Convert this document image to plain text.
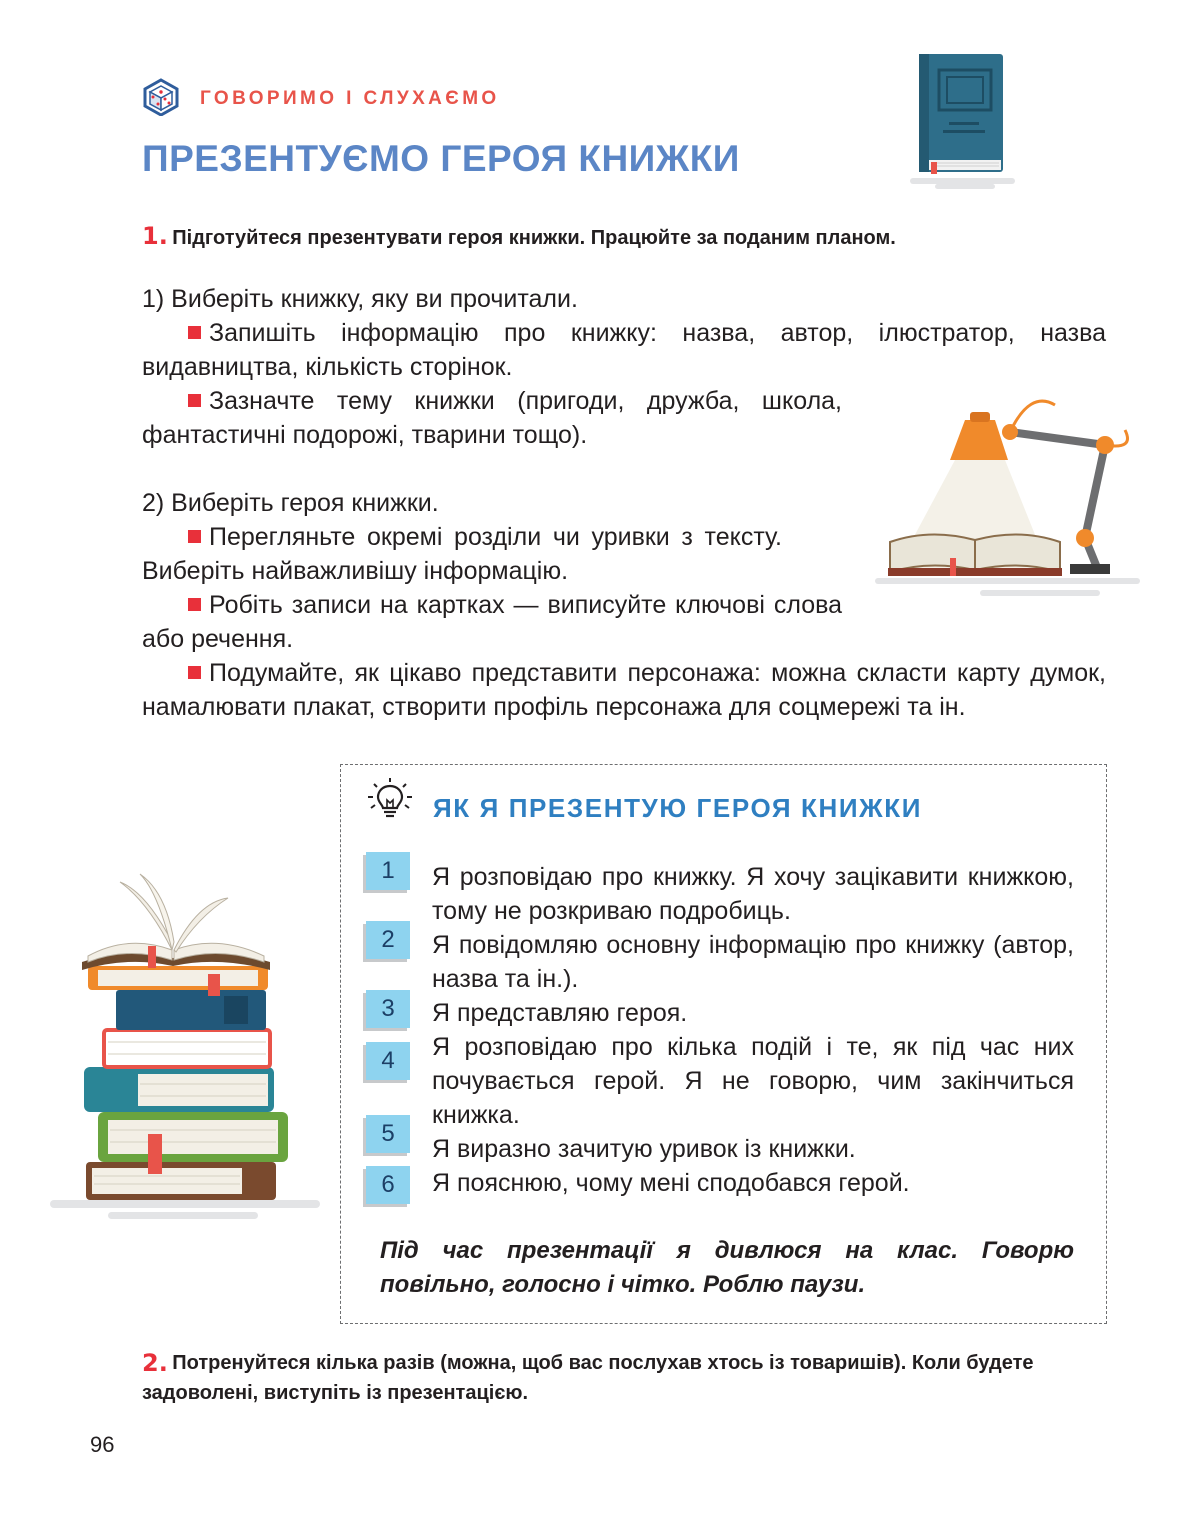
ГОВОРИМО І СЛУХАЄМО
ПРЕЗЕНТУЄМО ГЕРОЯ КНИЖКИ
1. Підготуйтеся презентувати героя книжки. Працюйте за поданим планом.
1) Виберіть книжку, яку ви прочитали.
Запишіть інформацію про книжку: назва, автор, ілюстратор, назва видавництва, кількість сторінок.
Зазначте тему книжки (пригоди, дружба, школа, фантастичні подорожі, тварини тощо).
2) Виберіть героя книжки.
Перегляньте окремі розділи чи уривки з тексту. Виберіть найважливішу інформацію.
Робіть записи на картках — виписуйте ключові слова або речення.
Подумайте, як цікаво представити персонажа: можна скласти карту думок, намалювати плакат, створити профіль персонажа для соцмережі та ін.
ЯК Я ПРЕЗЕНТУЮ ГЕРОЯ КНИЖКИ
1	Я розповідаю про книжку. Я хочу зацікавити книжкою, тому не розкриваю подробиць.
2	Я повідомляю основну інформацію про книжку (автор, назва та ін.).
3	Я представляю героя.
4	Я розповідаю про кілька подій і те, як під час них почувається герой. Я не говорю, чим закінчиться книжка.
5
Я виразно зачитую уривок із книжки.
6	Я пояснюю, чому мені сподобався герой.
Під час презентації я дивлюся на клас. Говорю повільно, голосно і чітко. Роблю паузи.
2. Потренуйтеся кілька разів (можна, щоб вас послухав хтось із товаришів). Коли будете задоволені, виступіть із презентацією.
96
